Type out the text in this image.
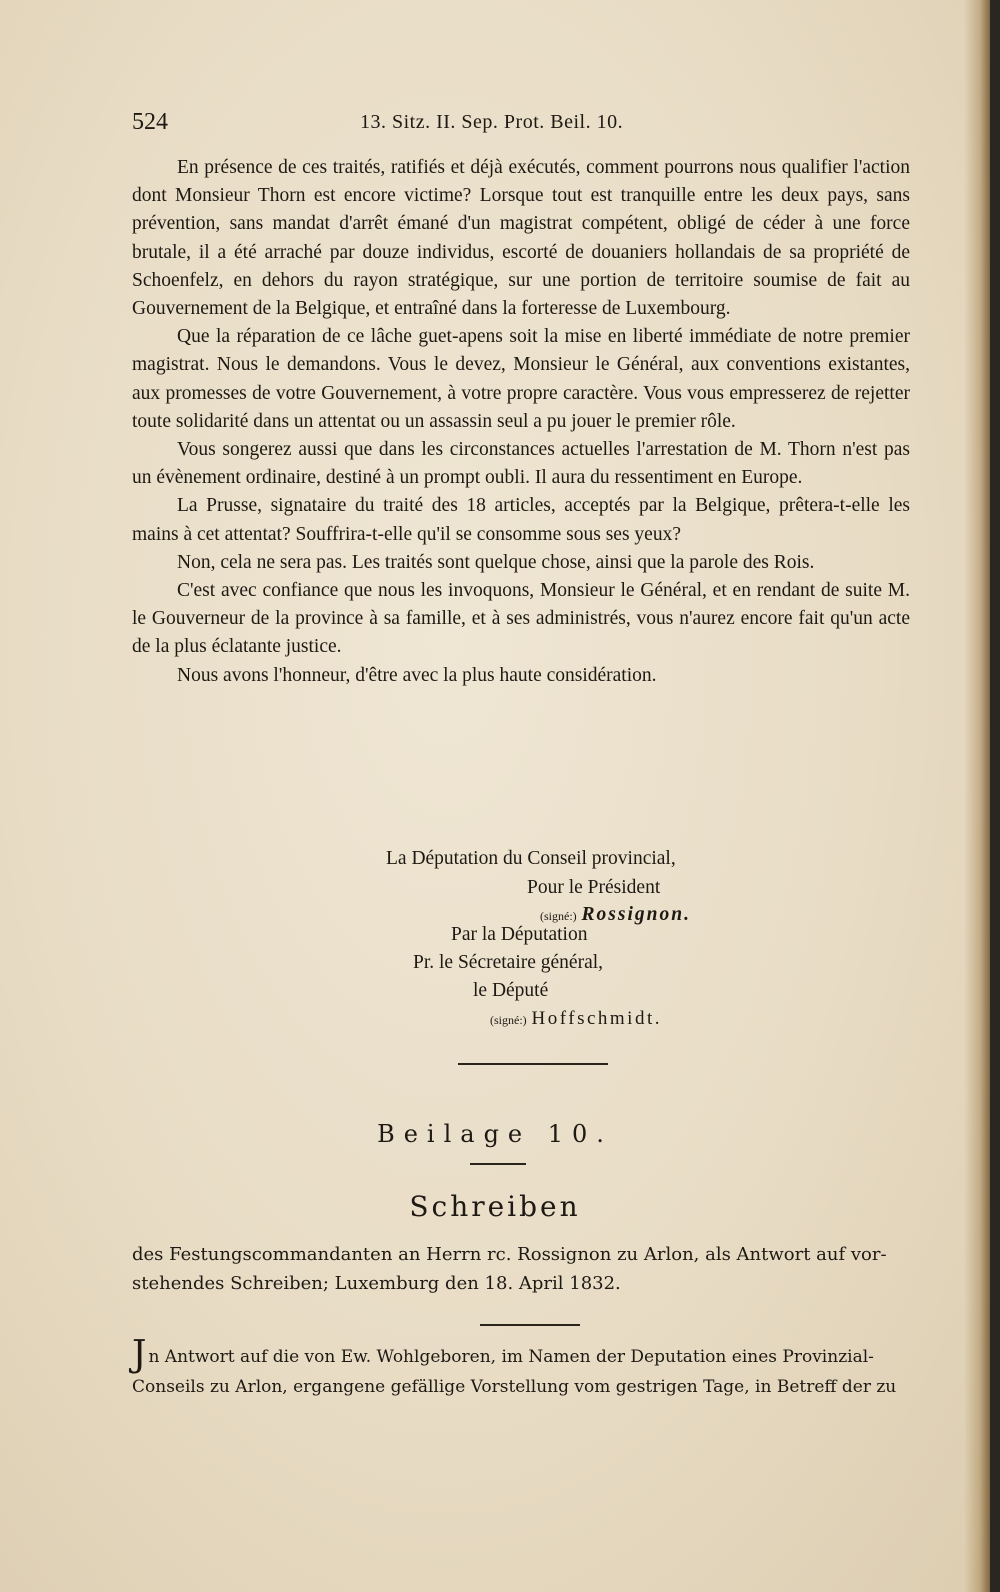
524	13. Sitz. II. Sep. Prot. Beil. 10.

En présence de ces traités, ratifiés et déjà exécutés, comment pourrons nous qualifier l'action dont Monsieur Thorn est encore victime? Lorsque tout est tranquille entre les deux pays, sans prévention, sans mandat d'arrêt émané d'un magistrat compétent, obligé de céder à une force brutale, il a été arraché par douze individus, escorté de douaniers hollandais de sa propriété de Schoenfelz, en dehors du rayon stratégique, sur une portion de territoire soumise de fait au Gouvernement de la Belgique, et entraîné dans la forteresse de Luxembourg.

Que la réparation de ce lâche guet-apens soit la mise en liberté immédiate de notre premier magistrat. Nous le demandons. Vous le devez, Monsieur le Général, aux conventions existantes, aux promesses de votre Gouvernement, à votre propre caractère. Vous vous empresserez de rejetter toute solidarité dans un attentat ou un assassin seul a pu jouer le premier rôle.

Vous songerez aussi que dans les circonstances actuelles l'arrestation de M. Thorn n'est pas un évènement ordinaire, destiné à un prompt oubli. Il aura du ressentiment en Europe.

La Prusse, signataire du traité des 18 articles, acceptés par la Belgique, prêtera-t-elle les mains à cet attentat? Souffrira-t-elle qu'il se consomme sous ses yeux?

Non, cela ne sera pas. Les traités sont quelque chose, ainsi que la parole des Rois.

C'est avec confiance que nous les invoquons, Monsieur le Général, et en rendant de suite M. le Gouverneur de la province à sa famille, et à ses administrés, vous n'aurez encore fait qu'un acte de la plus éclatante justice.

Nous avons l'honneur, d'être avec la plus haute considération.

La Députation du Conseil provincial,
Pour le Président
(signé:) Rossignon.
Par la Députation
Pr. le Sécretaire général,
le Député
(signé:) Hoffschmidt.
Beilage 10.
Schreiben
des Festungscommandanten an Herrn rc. Rossignon zu Arlon, als Antwort auf vor-
stehendes Schreiben; Luxemburg den 18. April 1832.
Jn Antwort auf die von Ew. Wohlgeboren, im Namen der Deputation eines Provinzial-
Conseils zu Arlon, ergangene gefällige Vorstellung vom gestrigen Tage, in Betreff der zu
